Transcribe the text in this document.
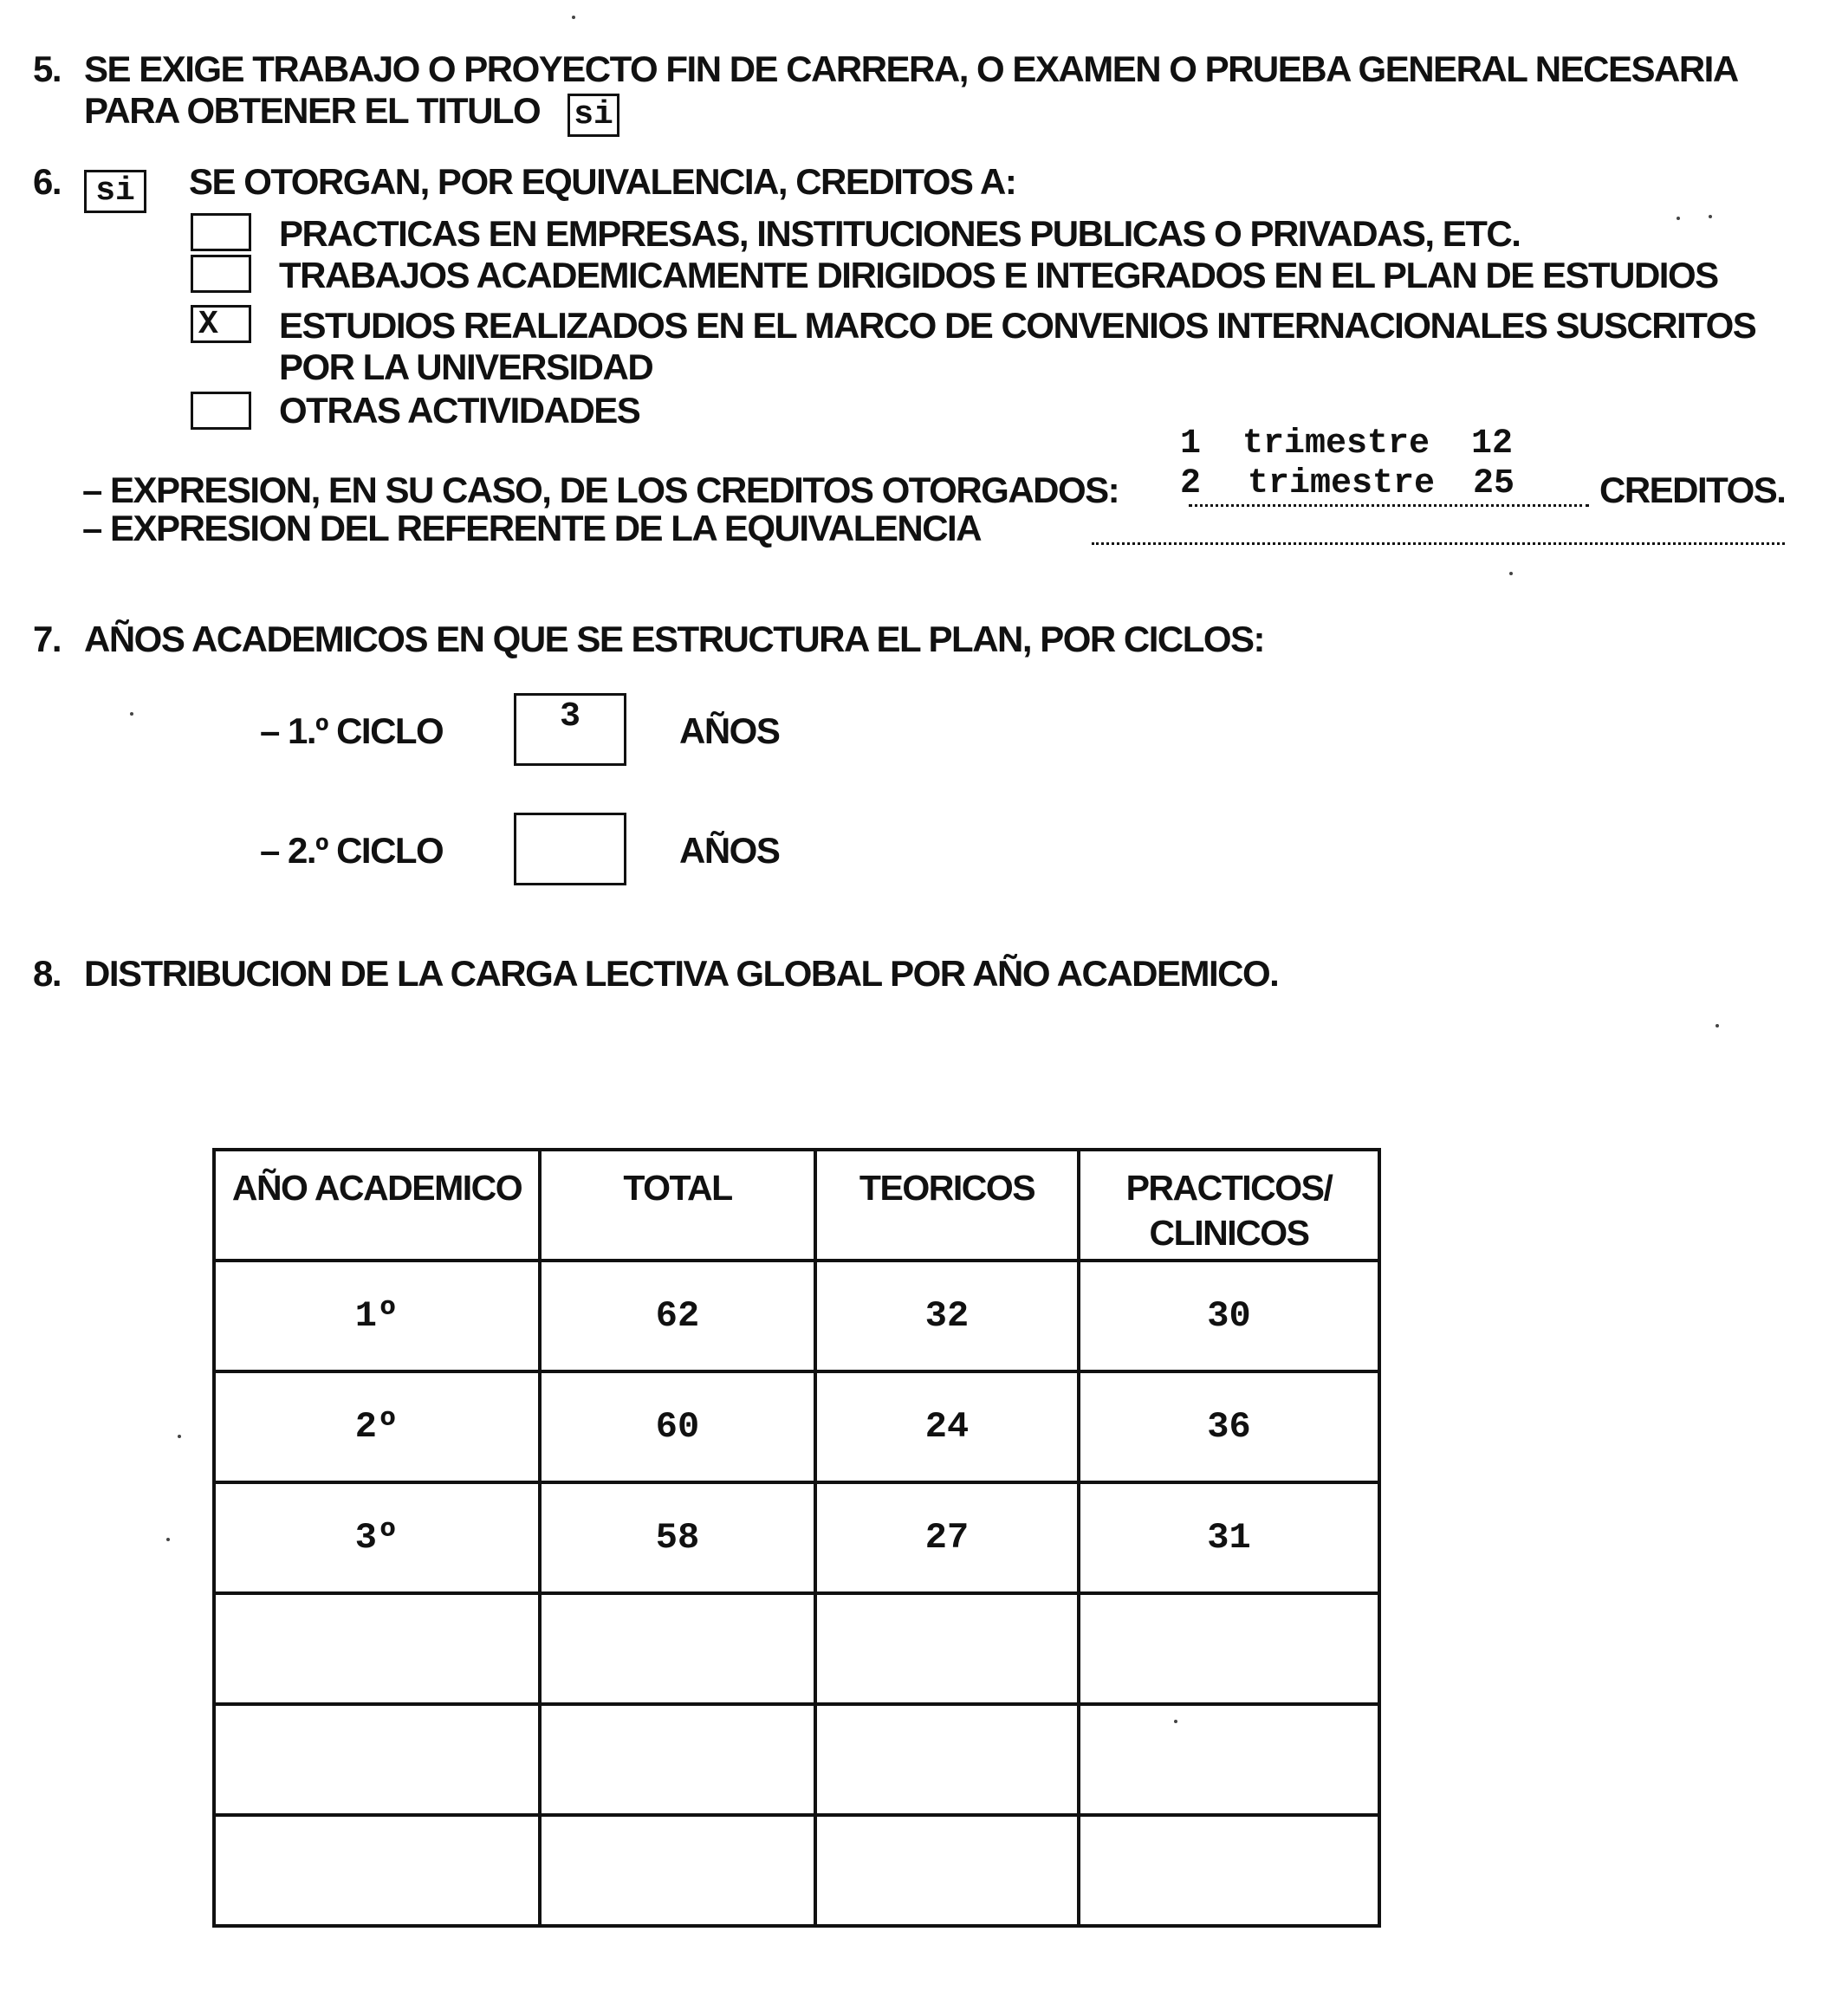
5. SE EXIGE TRABAJO O PROYECTO FIN DE CARRERA, O EXAMEN O PRUEBA GENERAL NECESARIA
PARA OBTENER EL TITULO si
6.	si	SE OTORGAN, POR EQUIVALENCIA, CREDITOS A:
PRACTICAS EN EMPRESAS, INSTITUCIONES PUBLICAS O PRIVADAS, ETC.
TRABAJOS ACADEMICAMENTE DIRIGIDOS E INTEGRADOS EN EL PLAN DE ESTUDIOS
X ESTUDIOS REALIZADOS EN EL MARCO DE CONVENIOS INTERNACIONALES SUSCRITOS
POR LA UNIVERSIDAD
OTRAS ACTIVIDADES
1  trimestre  12
– EXPRESION, EN SU CASO, DE LOS CREDITOS OTORGADOS: 2 trimestre 25 CREDITOS.
– EXPRESION DEL REFERENTE DE LA EQUIVALENCIA
7. AÑOS ACADEMICOS EN QUE SE ESTRUCTURA EL PLAN, POR CICLOS:
– 1.º CICLO	3	AÑOS
– 2.º CICLO	AÑOS
8. DISTRIBUCION DE LA CARGA LECTIVA GLOBAL POR AÑO ACADEMICO.
AÑO ACADEMICO	TOTAL	TEORICOS	PRACTICOS/ CLINICOS
1º	62	32	30
2º	60	24	36
3º	58	27	31
